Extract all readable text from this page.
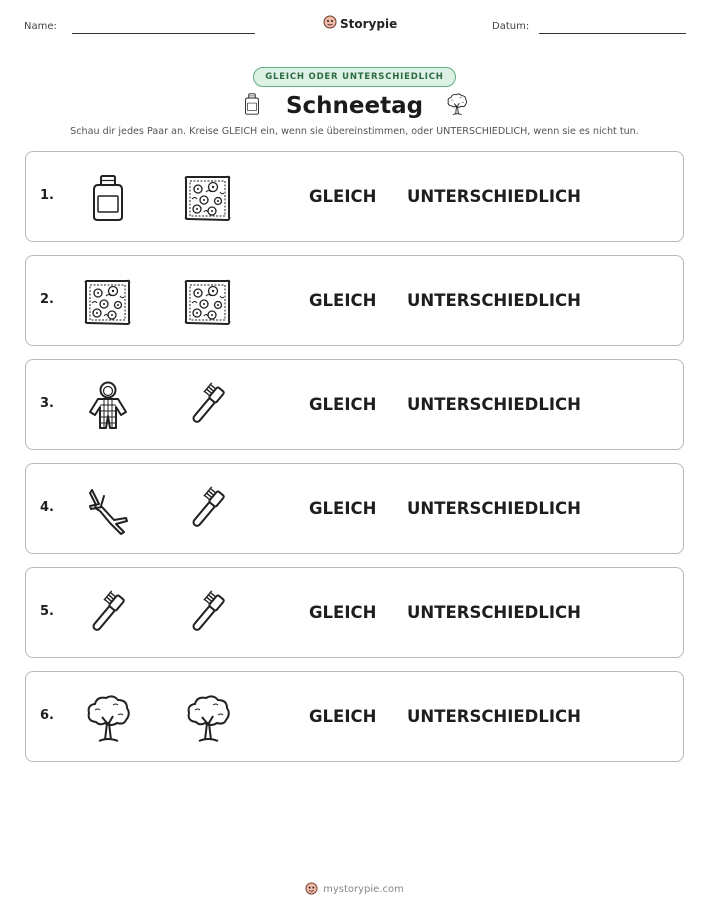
Name:	Storypie	Datum:
GLEICH ODER UNTERSCHIEDLICH
Schneetag
Schau dir jedes Paar an. Kreise GLEICH ein, wenn sie übereinstimmen, oder UNTERSCHIEDLICH, wenn sie es nicht tun.
1.	GLEICH UNTERSCHIEDLICH
2.	GLEICH UNTERSCHIEDLICH
3.	GLEICH UNTERSCHIEDLICH
4.	GLEICH UNTERSCHIEDLICH
5.	GLEICH UNTERSCHIEDLICH
6.	GLEICH UNTERSCHIEDLICH
mystorypie.com
